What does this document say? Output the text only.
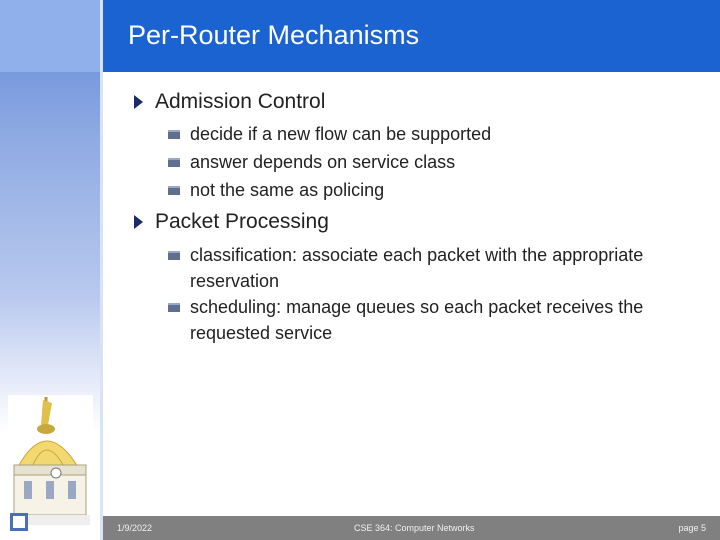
Per-Router Mechanisms
Admission Control
decide if a new flow can be supported
answer depends on service class
not the same as policing
Packet Processing
classification: associate each packet with the appropriate reservation
scheduling: manage queues so each packet receives the requested service
1/9/2022	CSE 364: Computer Networks	page 5
